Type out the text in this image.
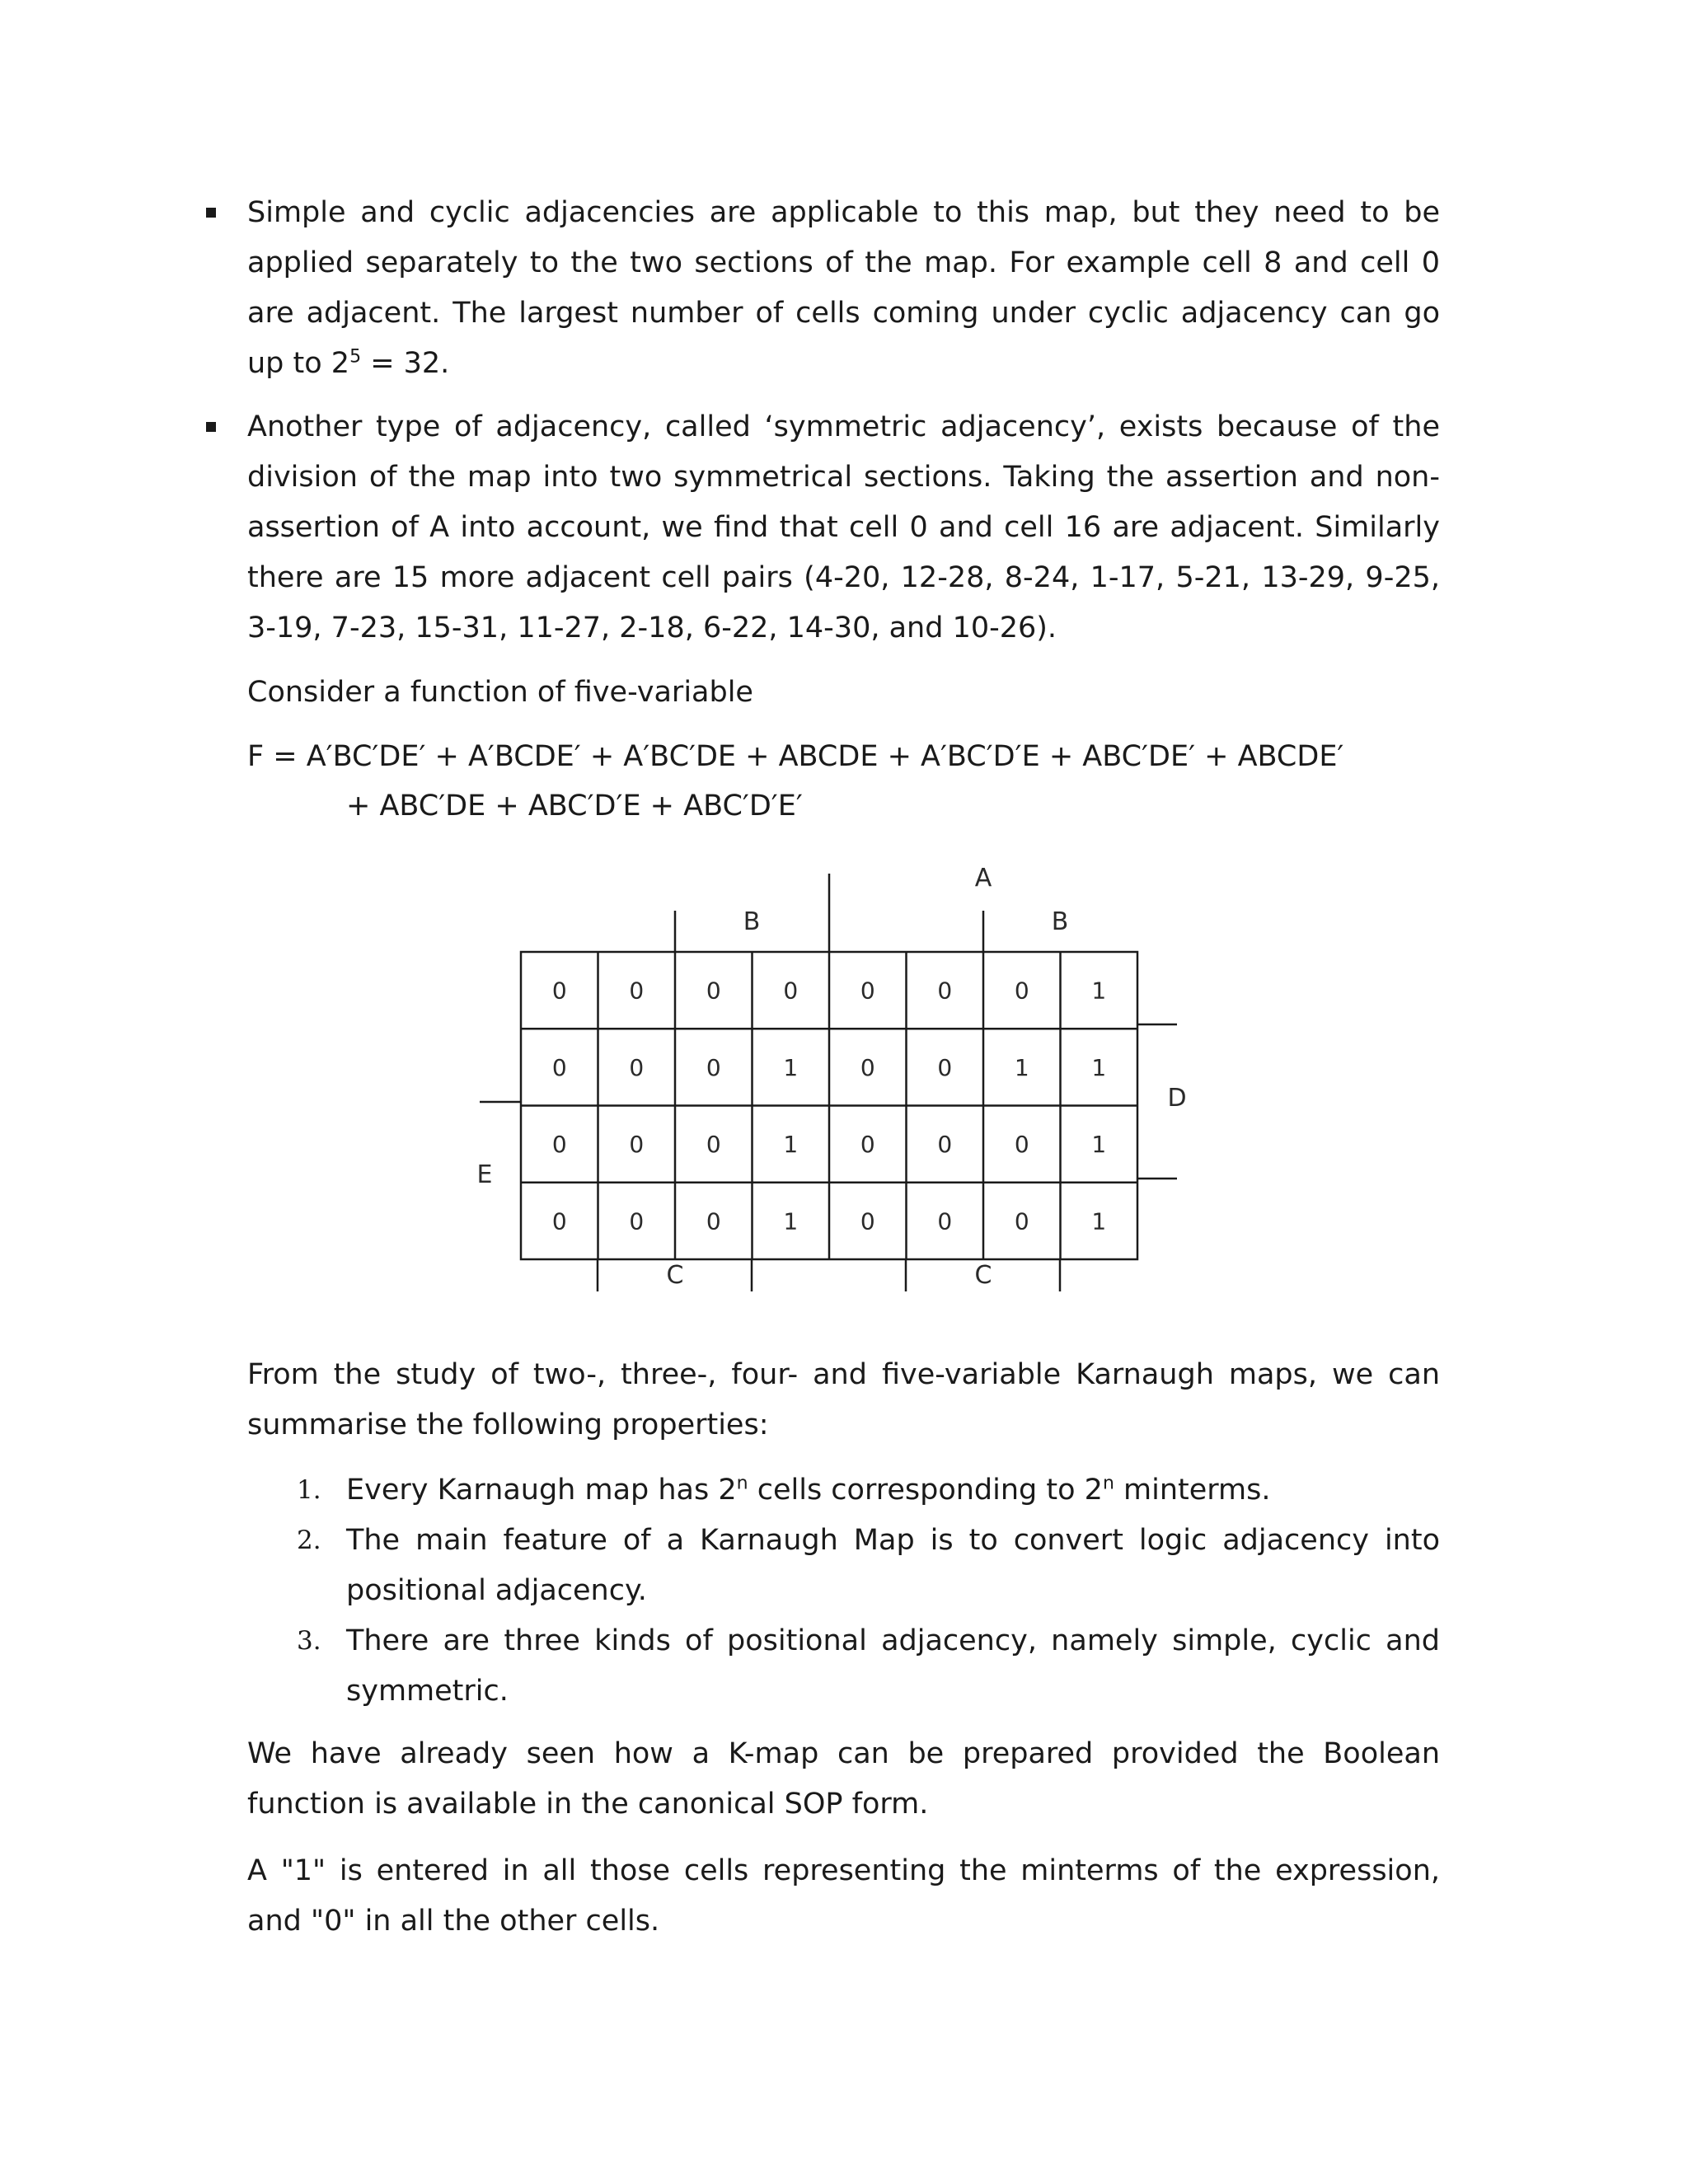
Simple and cyclic adjacencies are applicable to this map, but they need to be applied separately to the two sections of the map. For example cell 8 and cell 0 are adjacent. The largest number of cells coming under cyclic adjacency can go up to $2^5 = 32$.
Another type of adjacency, called ‘symmetric adjacency’, exists because of the division of the map into two symmetrical sections. Taking the assertion and non-assertion of A into account, we find that cell 0 and cell 16 are adjacent. Similarly there are 15 more adjacent cell pairs (4-20, 12-28, 8-24, 1-17, 5-21, 13-29, 9-25, 3-19, 7-23, 15-31, 11-27, 2-18, 6-22, 14-30, and 10-26).
Consider a function of five-variable
F = A′BC′DE′ + A′BCDE′ + A′BC′DE + ABCDE + A′BC′D′E + ABC′DE′ + ABCDE′
+ ABC′DE + ABC′D′E + ABC′D′E′
0	0	0	0	0	0	0	1
0	0	0	1	0	0	1	1
0	0	0	1	0	0	0	1
0	0	0	1	0	0	0	1
A
B	B
D
E
C	C
From the study of two-, three-, four- and five-variable Karnaugh maps, we can summarise the following properties:
1. Every Karnaugh map has 2$^n$ cells corresponding to 2$^n$ minterms.
2. The main feature of a Karnaugh Map is to convert logic adjacency into positional adjacency.
3. There are three kinds of positional adjacency, namely simple, cyclic and symmetric.
We have already seen how a K-map can be prepared provided the Boolean function is available in the canonical SOP form.
A "1" is entered in all those cells representing the minterms of the expression, and "0" in all the other cells.
